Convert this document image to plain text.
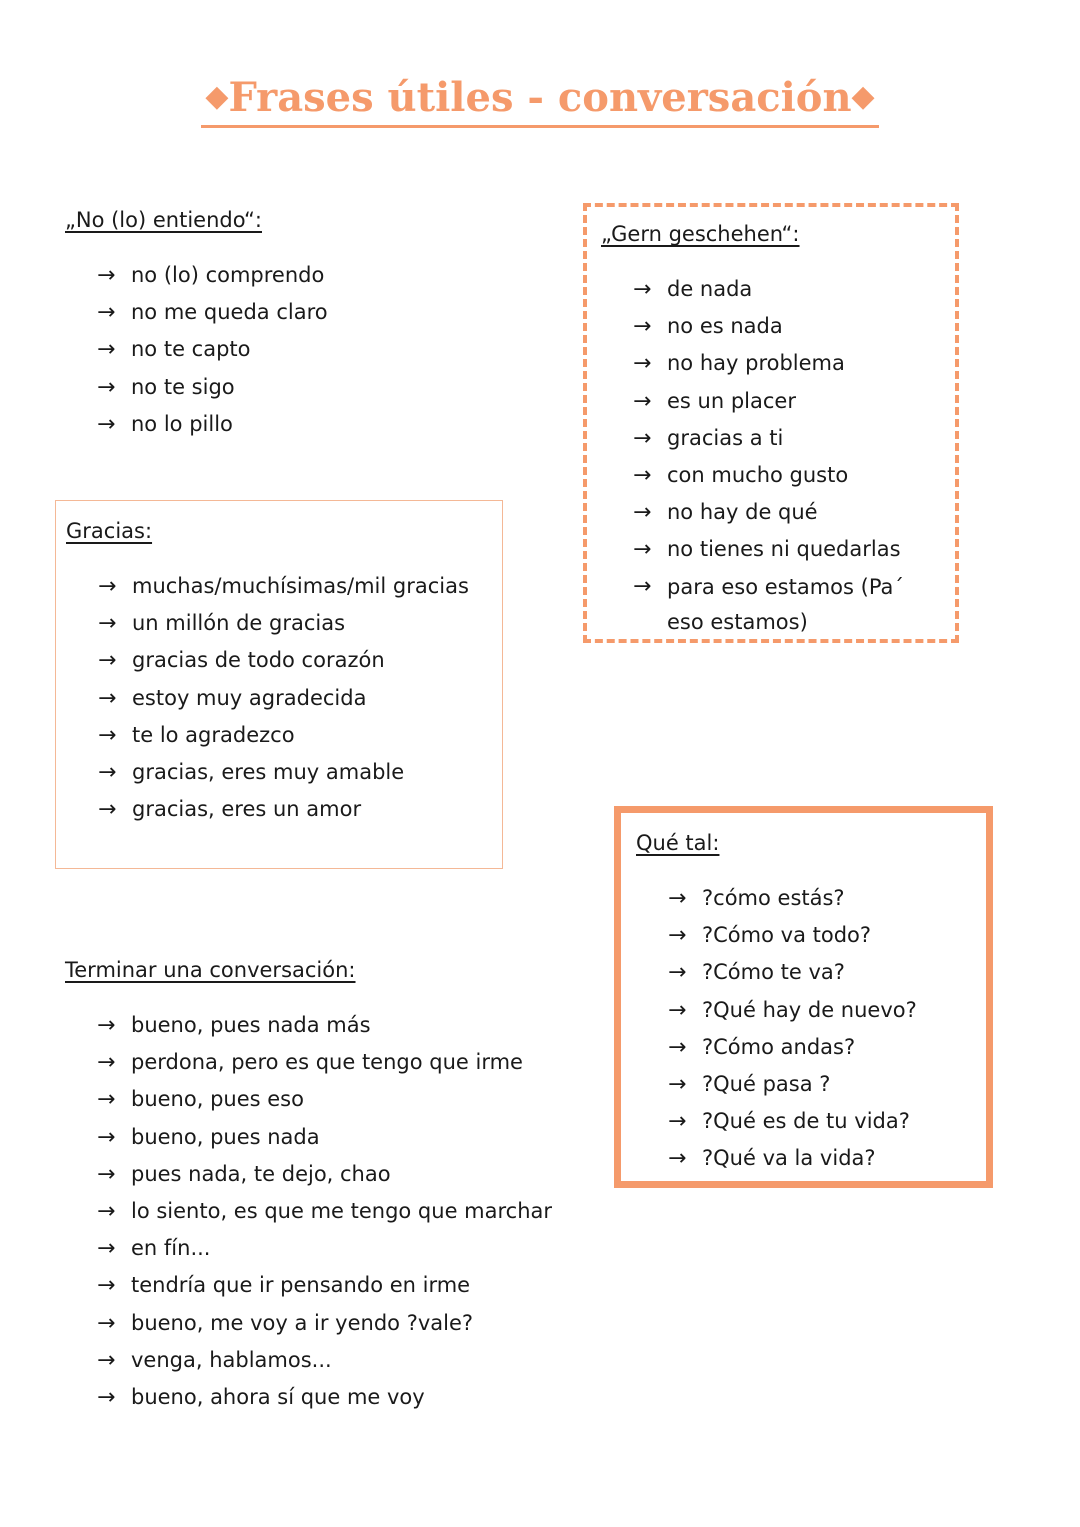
◆Frases útiles - conversación◆

„No (lo) entiendo“:

→ no (lo) comprendo
→ no me queda claro
→ no te capto
→ no te sigo
→ no lo pillo

Gracias:

→ muchas/muchísimas/mil gracias
→ un millón de gracias
→ gracias de todo corazón
→ estoy muy agradecida
→ te lo agradezco
→ gracias, eres muy amable
→ gracias, eres un amor

Terminar una conversación:

→ bueno, pues nada más
→ perdona, pero es que tengo que irme
→ bueno, pues eso
→ bueno, pues nada
→ pues nada, te dejo, chao
→ lo siento, es que me tengo que marchar
→ en fín...
→ tendría que ir pensando en irme
→ bueno, me voy a ir yendo ?vale?
→ venga, hablamos...
→ bueno, ahora sí que me voy

„Gern geschehen“:

→ de nada
→ no es nada
→ no hay problema
→ es un placer
→ gracias a ti
→ con mucho gusto
→ no hay de qué
→ no tienes ni quedarlas
→ para eso estamos (Pa´ eso estamos)

Qué tal:

→ ?cómo estás?
→ ?Cómo va todo?
→ ?Cómo te va?
→ ?Qué hay de nuevo?
→ ?Cómo andas?
→ ?Qué pasa ?
→ ?Qué es de tu vida?
→ ?Qué va la vida?
